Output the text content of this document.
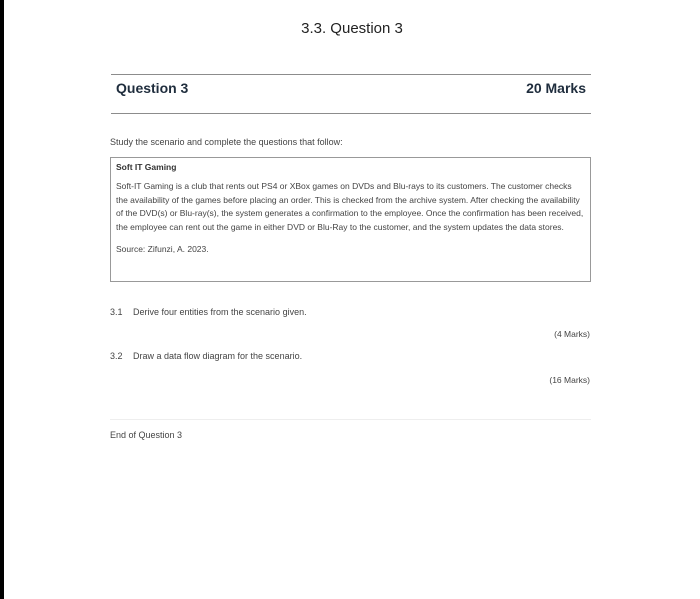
3.3. Question 3
Question 3	20 Marks
Study the scenario and complete the questions that follow:
Soft IT Gaming

Soft-IT Gaming is a club that rents out PS4 or XBox games on DVDs and Blu-rays to its customers. The customer checks the availability of the games before placing an order. This is checked from the archive system. After checking the availability of the DVD(s) or Blu-ray(s), the system generates a confirmation to the employee. Once the confirmation has been received, the employee can rent out the game in either DVD or Blu-Ray to the customer, and the system updates the data stores.

Source: Zifunzi, A. 2023.

3.1 Derive four entities from the scenario given.
(4 Marks)
3.2 Draw a data flow diagram for the scenario.
(16 Marks)
End of Question 3
